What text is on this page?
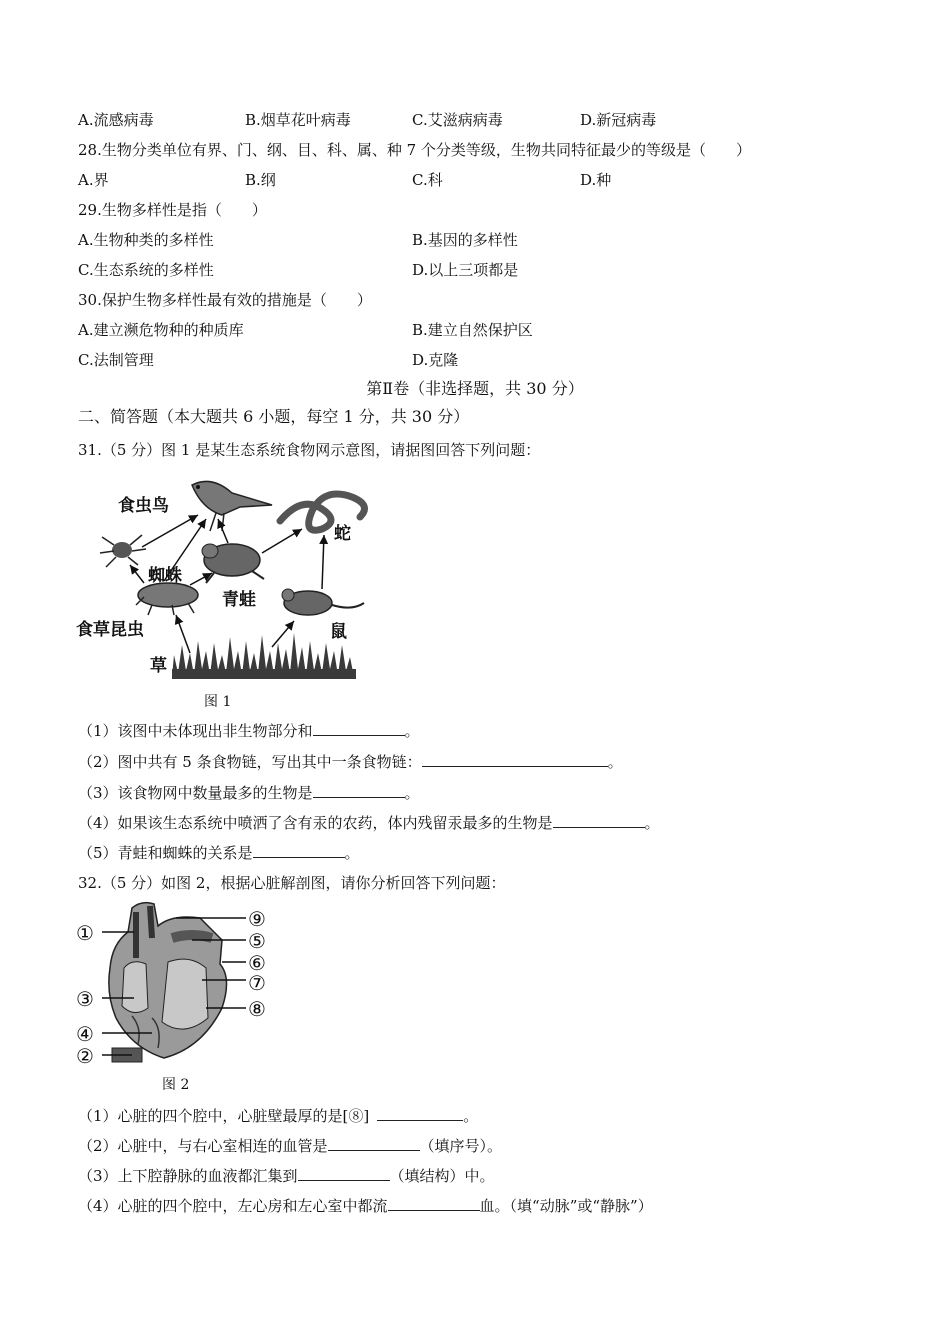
A.流感病毒	B.烟草花叶病毒	C.艾滋病病毒	D.新冠病毒
28.生物分类单位有界、门、纲、目、科、属、种 7 个分类等级，生物共同特征最少的等级是（　　）
A.界	B.纲	C.科	D.种
29.生物多样性是指（　　）
A.生物种类的多样性	B.基因的多样性
C.生态系统的多样性	D.以上三项都是
30.保护生物多样性最有效的措施是（　　）
A.建立濒危物种的种质库	B.建立自然保护区
C.法制管理	D.克隆
第Ⅱ卷（非选择题，共 30 分）
二、简答题（本大题共 6 小题，每空 1 分，共 30 分）
31.（5 分）图 1 是某生态系统食物网示意图，请据图回答下列问题：
食虫鸟
蛇
蜘蛛
青蛙
食草昆虫	鼠
草
图 1
（1）该图中未体现出非生物部分和	。
（2）图中共有 5 条食物链，写出其中一条食物链：	。
（3）该食物网中数量最多的生物是	。
（4）如果该生态系统中喷洒了含有汞的农药，体内残留汞最多的生物是	。
（5）青蛙和蜘蛛的关系是	。
32.（5 分）如图 2，根据心脏解剖图，请你分析回答下列问题：
①
③
④
②
⑨
⑤
⑥
⑦
⑧
图 2
（1）心脏的四个腔中，心脏壁最厚的是[⑧]	。
（2）心脏中，与右心室相连的血管是	（填序号）。
（3）上下腔静脉的血液都汇集到	（填结构）中。
（4）心脏的四个腔中，左心房和左心室中都流	血。（填“动脉”或“静脉”）
